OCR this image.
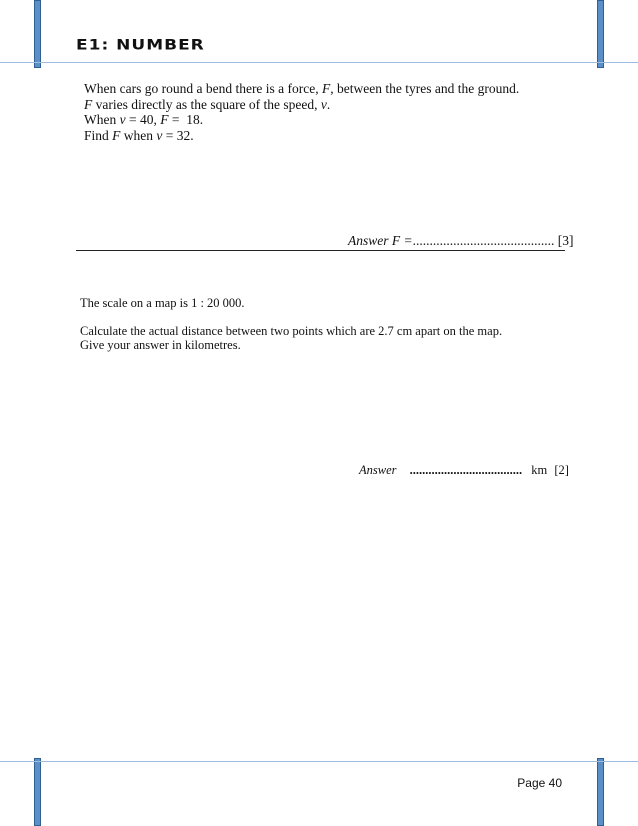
E1: NUMBER
When cars go round a bend there is a force, F, between the tyres and the ground.
F varies directly as the square of the speed, v.
When v = 40, F =  18.
Find F when v = 32.
Answer F =.......................................... [3]
The scale on a map is 1 : 20 000.
Calculate the actual distance between two points which are 2.7 cm apart on the map.
Give your answer in kilometres.
Answer .................................... km [2]
Page 40
